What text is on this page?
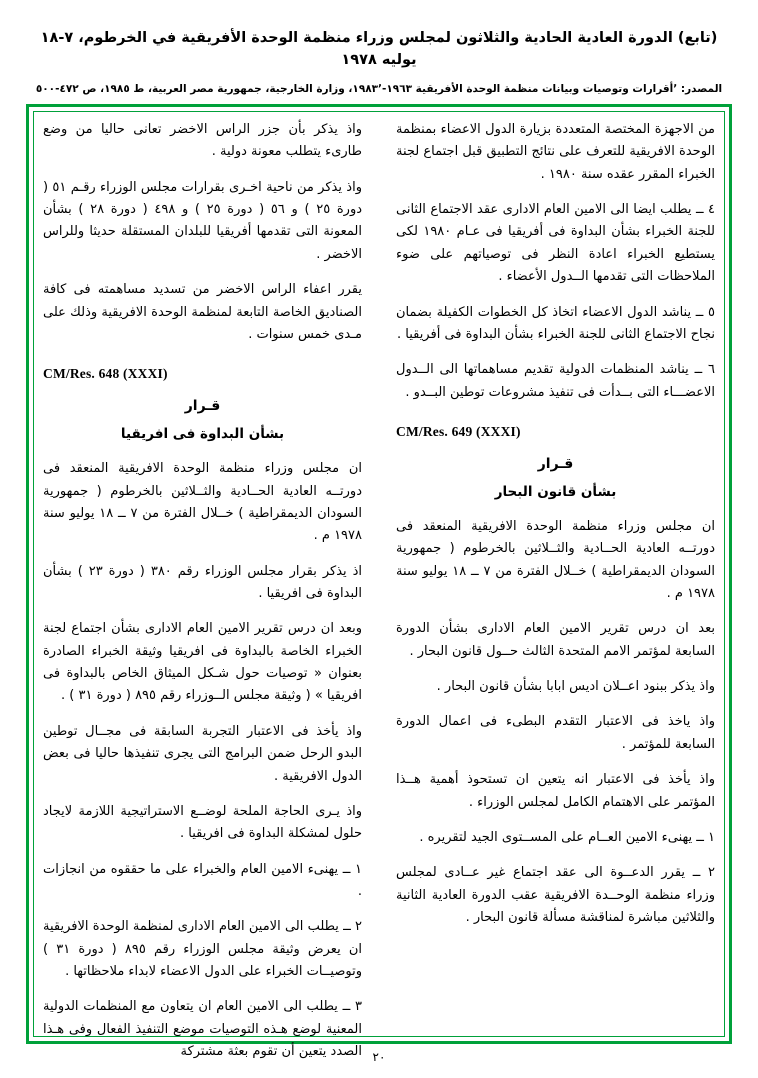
(تابع) الدورة العادية الحادية والثلاثون لمجلس وزراء منظمة الوحدة الأفريقية في الخرطوم، ٧-١٨ يوليه ١٩٧٨
المصدر: ʼأقرارات وتوصيات وبيانات منظمة الوحدة الأفريقية ١٩٦٣-١٩٨٣ʼ، وزارة الخارجية، جمهورية مصر العربية، ط ١٩٨٥، ص ٤٧٢-٥٠٠ .

من الاجهزة المختصة المتعددة بزيارة الدول الاعضاء بمنظمة الوحدة الافريقية للتعرف على نتائج التطبيق قبل اجتماع لجنة الخبراء المقرر عقده سنة ١٩٨٠ .

٤ ــ يطلب ايضا الى الامين العام الادارى عقد الاجتماع الثانى للجنة الخبراء بشأن البداوة فى أفريقيا فى عـام ١٩٨٠ لكى يستطيع الخبراء اعادة النظر فى توصياتهم على ضوء الملاحظات التى تقدمها الــدول الأعضاء .

٥ ــ يناشد الدول الاعضاء اتخاذ كل الخطوات الكفيلة بضمان نجاح الاجتماع الثانى للجنة الخبراء بشأن البداوة فى أفريقيا .

٦ ــ يناشد المنظمات الدولية تقديم مساهماتها الى الــدول الاعضـــاء التى بــدأت فى تنفيذ مشروعات توطين البــدو .

CM/Res. 649 (XXXI)
قـرار
بشأن قانون البحار

ان مجلس وزراء منظمة الوحدة الافريقية المنعقد فى دورتــه العادية الحــادية والثــلاثين بالخرطوم ( جمهورية السودان الديمقراطية ) خــلال الفترة من ٧ ــ ١٨ يوليو سنة ١٩٧٨ م .

بعد ان درس تقرير الامين العام الادارى بشأن الدورة السابعة لمؤتمر الامم المتحدة الثالث حــول قانون البحار .

واذ يذكر ببنود اعــلان اديس ابابا بشأن قانون البحار .

واذ ياخذ فى الاعتبار التقدم البطىء فى اعمال الدورة السابعة للمؤتمر .

واذ يأخذ فى الاعتبار انه يتعين ان تستحوذ أهمية هــذا المؤتمر على الاهتمام الكامل لمجلس الوزراء .

١ ــ يهنىء الامين العــام على المســتوى الجيد لتقريره .

٢ ــ يقرر الدعــوة الى عقد اجتماع غير عــادى لمجلس وزراء منظمة الوحــدة الافريقية عقب الدورة العادية الثانية والثلاثين مباشرة لمناقشة مسألة قانون البحار .

واذ يذكر بأن جزر الراس الاخضر تعانى حاليا من وضع طارىء يتطلب معونة دولية .

واذ يذكر من ناحية اخـرى بقرارات مجلس الوزراء رقـم ٥١ ( دورة ٢٥ ) و ٥٦ ( دورة ٢٥ ) و ٤٩٨ ( دورة ٢٨ ) بشأن المعونة التى تقدمها أفريقيا للبلدان المستقلة حديثا وللراس الاخضر .

يقرر اعفاء الراس الاخضر من تسديد مساهمته فى كافة الصناديق الخاصة التابعة لمنظمة الوحدة الافريقية وذلك على مـدى خمس سنوات .

CM/Res. 648 (XXXI)
قـرار
بشأن البداوة فى افريقيا

ان مجلس وزراء منظمة الوحدة الافريقية المنعقد فى دورتــه العادية الحــادية والثــلاثين بالخرطوم ( جمهورية السودان الديمقراطية ) خــلال الفترة من ٧ ــ ١٨ يوليو سنة ١٩٧٨ م .

اذ يذكر بقرار مجلس الوزراء رقم ٣٨٠ ( دورة ٢٣ ) بشأن البداوة فى افريقيا .

وبعد ان درس تقرير الامين العام الادارى بشأن اجتماع لجنة الخبراء الخاصة بالبداوة فى افريقيا وثيقة الخبراء الصادرة بعنوان « توصيات حول شـكل الميثاق الخاص بالبداوة فى افريقيا » ( وثيقة مجلس الــوزراء رقم ٨٩٥ ( دورة ٣١ ) .

واذ يأخذ فى الاعتبار التجربة السابقة فى مجــال توطين البدو الرحل ضمن البرامج التى يجرى تنفيذها حاليا فى بعض الدول الافريقية .

واذ يـرى الحاجة الملحة لوضــع الاستراتيجية اللازمة لايجاد حلول لمشكلة البداوة فى افريقيا .

١ ــ يهنىء الامين العام والخبراء على ما حققوه من انجازات .

٢ ــ يطلب الى الامين العام الادارى لمنظمة الوحدة الافريقية ان يعرض وثيقة مجلس الوزراء رقم ٨٩٥ ( دورة ٣١ ) وتوصيــات الخبراء على الدول الاعضاء لابداء ملاحظاتها .

٣ ــ يطلب الى الامين العام ان يتعاون مع المنظمات الدولية المعنية لوضع هـذه التوصيات موضع التنفيذ الفعال وفى هـذا الصدد يتعين أن تقوم بعثة مشتركة ٢٠
